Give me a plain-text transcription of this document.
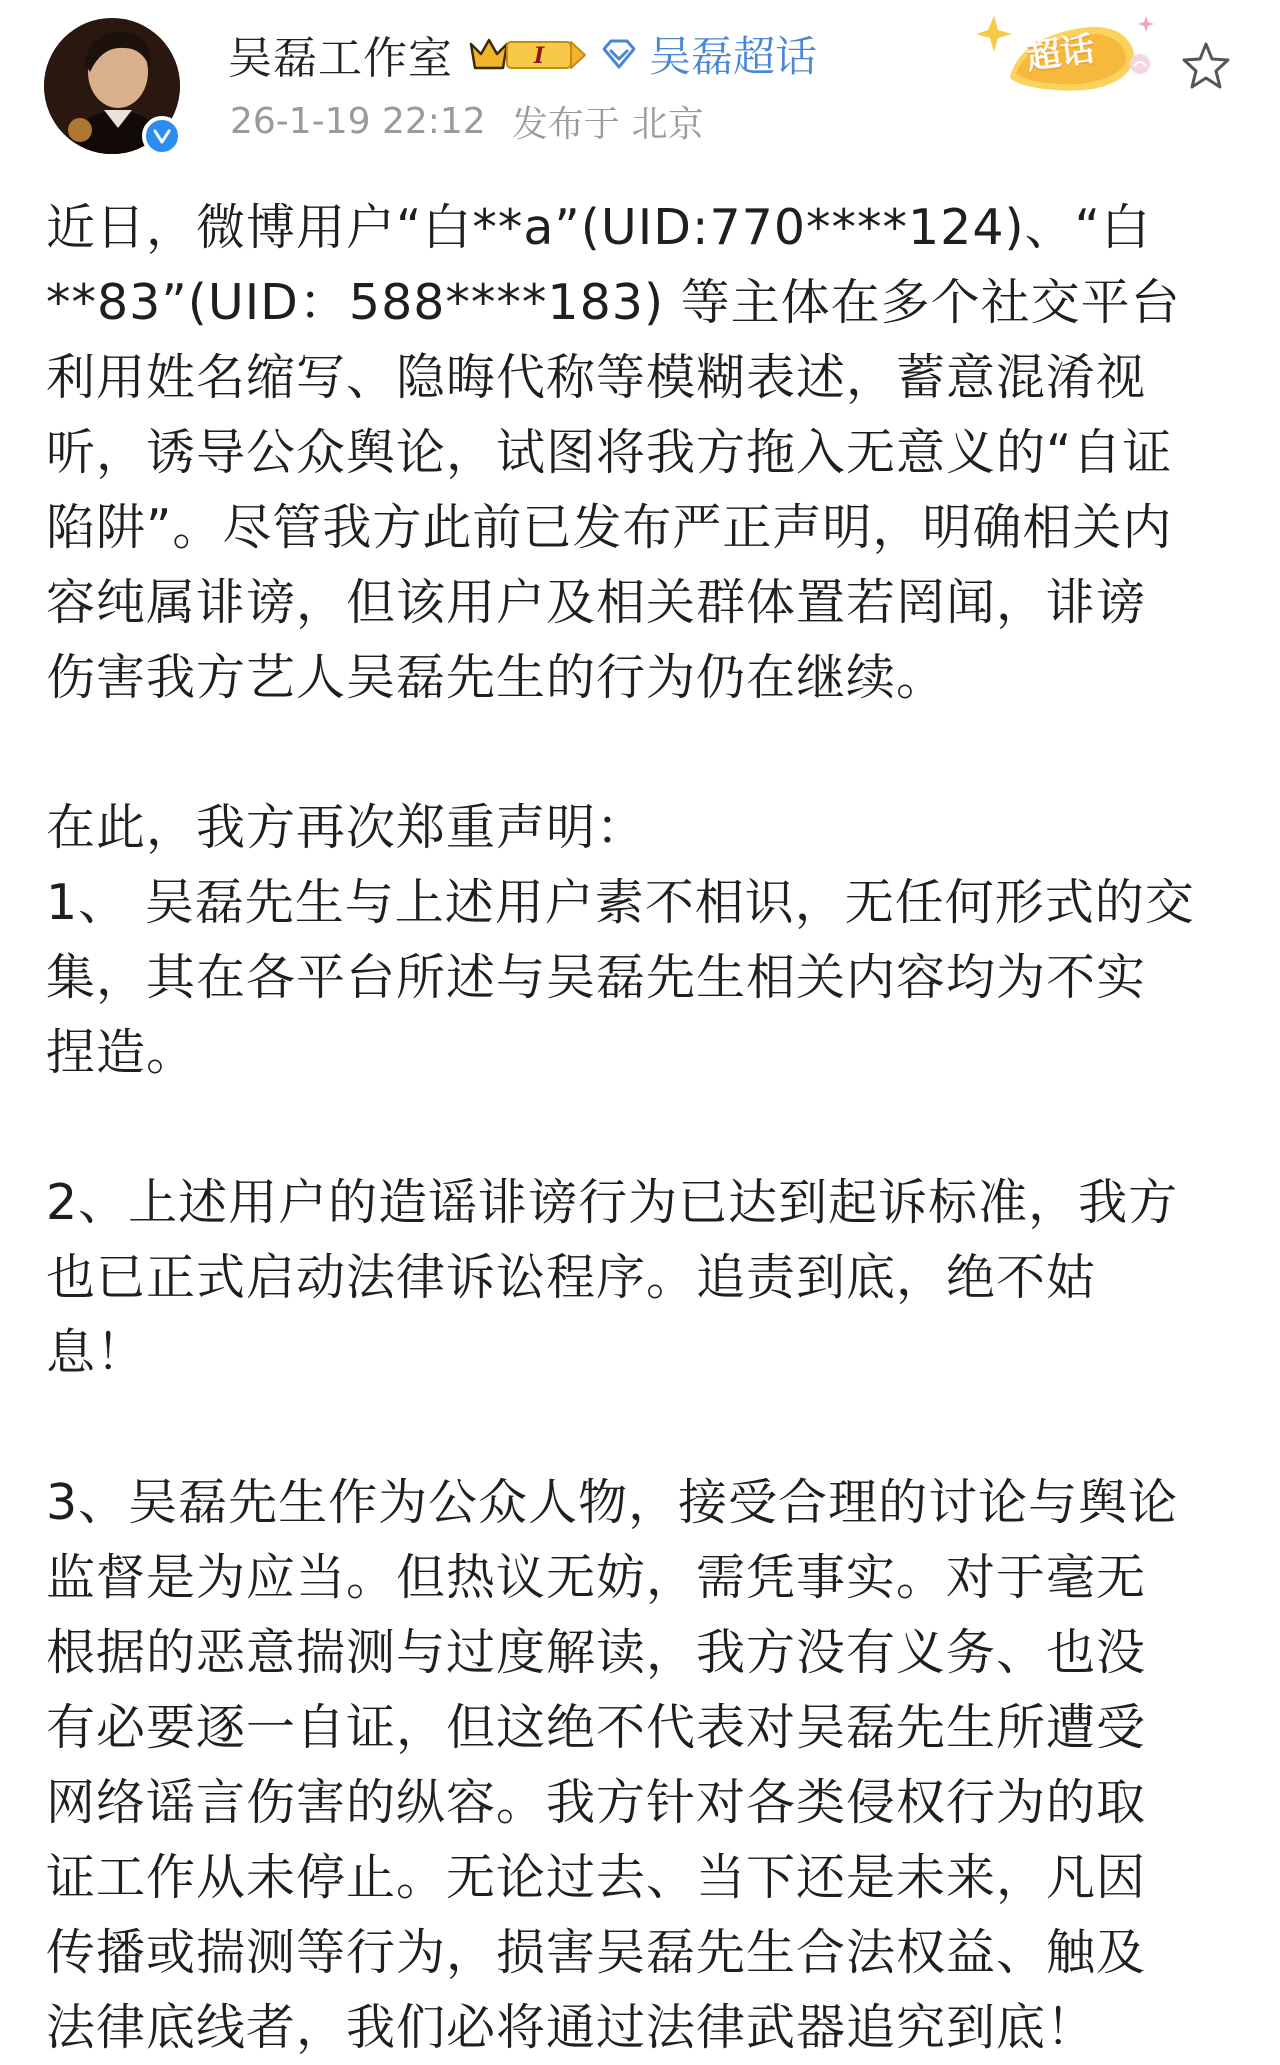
吴磊工作室	I 吴磊超话
26-1-19 22:12 发布于 北京
超话

近日，微博用户“白**a”(UID:770****124)、“白
**83”(UID：588****183) 等主体在多个社交平台
利用姓名缩写、隐晦代称等模糊表述，蓄意混淆视
听，诱导公众舆论，试图将我方拖入无意义的“自证
陷阱”。尽管我方此前已发布严正声明，明确相关内
容纯属诽谤，但该用户及相关群体置若罔闻，诽谤
伤害我方艺人吴磊先生的行为仍在继续。

在此，我方再次郑重声明：

1、 吴磊先生与上述用户素不相识，无任何形式的交
集，其在各平台所述与吴磊先生相关内容均为不实
捏造。

2、上述用户的造谣诽谤行为已达到起诉标准，我方
也已正式启动法律诉讼程序。追责到底，绝不姑
息！

3、吴磊先生作为公众人物，接受合理的讨论与舆论
监督是为应当。但热议无妨，需凭事实。对于毫无
根据的恶意揣测与过度解读，我方没有义务、也没
有必要逐一自证，但这绝不代表对吴磊先生所遭受
网络谣言伤害的纵容。我方针对各类侵权行为的取
证工作从未停止。无论过去、当下还是未来，凡因
传播或揣测等行为，损害吴磊先生合法权益、触及
法律底线者，我们必将通过法律武器追究到底！
